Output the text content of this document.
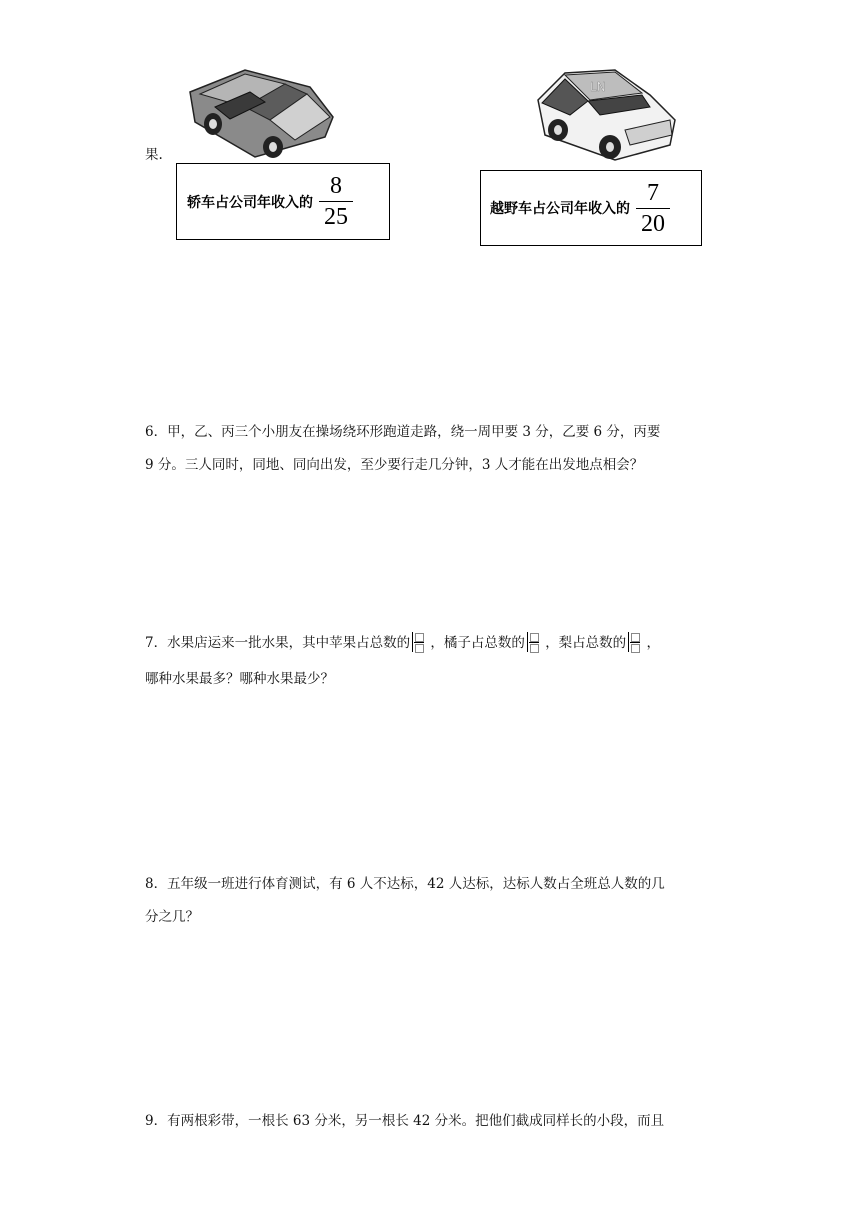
果.
LN
轿车占公司年收入的 $\frac{8}{25}$	越野车占公司年收入的 $\frac{7}{20}$
6．甲，乙、丙三个小朋友在操场绕环形跑道走路，绕一周甲要 3 分，乙要 6 分，丙要
9 分。三人同时，同地、同向出发，至少要行走几分钟，3 人才能在出发地点相会？
7．水果店运来一批水果，其中苹果占总数的 ，橘子占总数的 ，梨占总数的 ，
哪种水果最多？哪种水果最少？
8．五年级一班进行体育测试，有 6 人不达标，42 人达标，达标人数占全班总人数的几
分之几？
9．有两根彩带，一根长 63 分米，另一根长 42 分米。把他们截成同样长的小段，而且
